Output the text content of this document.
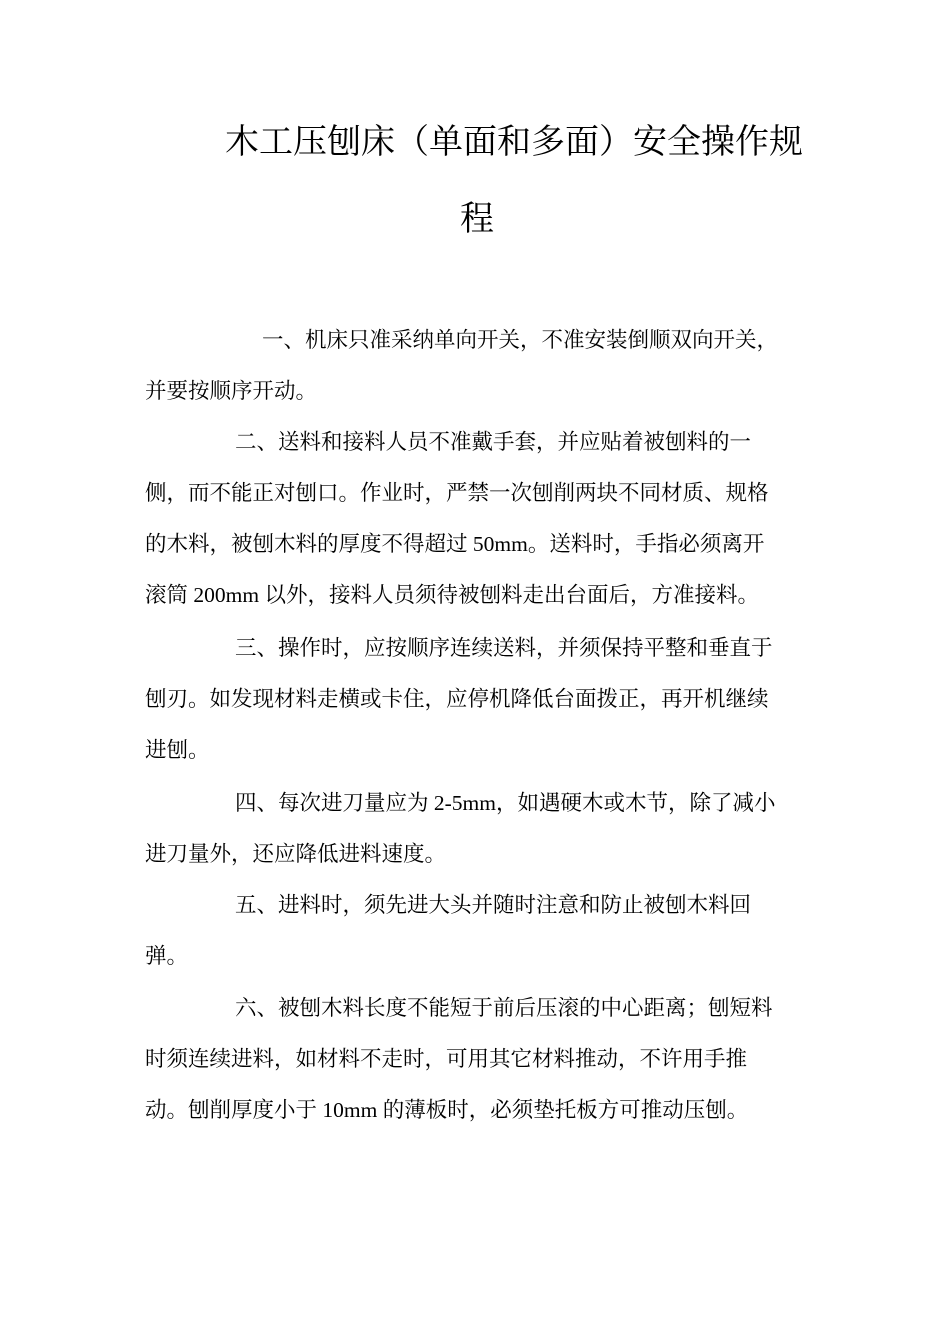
木工压刨床（单面和多面）安全操作规
程
一、机床只准采纳单向开关，不准安装倒顺双向开关，
并要按顺序开动。
二、送料和接料人员不准戴手套，并应贴着被刨料的一
侧，而不能正对刨口。作业时，严禁一次刨削两块不同材质、规格
的木料，被刨木料的厚度不得超过 50mm。送料时，手指必须离开
滚筒 200mm 以外，接料人员须待被刨料走出台面后，方准接料。
三、操作时，应按顺序连续送料，并须保持平整和垂直于
刨刃。如发现材料走横或卡住，应停机降低台面拨正，再开机继续
进刨。
四、每次进刀量应为 2-5mm，如遇硬木或木节，除了减小
进刀量外，还应降低进料速度。
五、进料时，须先进大头并随时注意和防止被刨木料回
弹。
六、被刨木料长度不能短于前后压滚的中心距离；刨短料
时须连续进料，如材料不走时，可用其它材料推动，不许用手推
动。刨削厚度小于 10mm 的薄板时，必须垫托板方可推动压刨。
